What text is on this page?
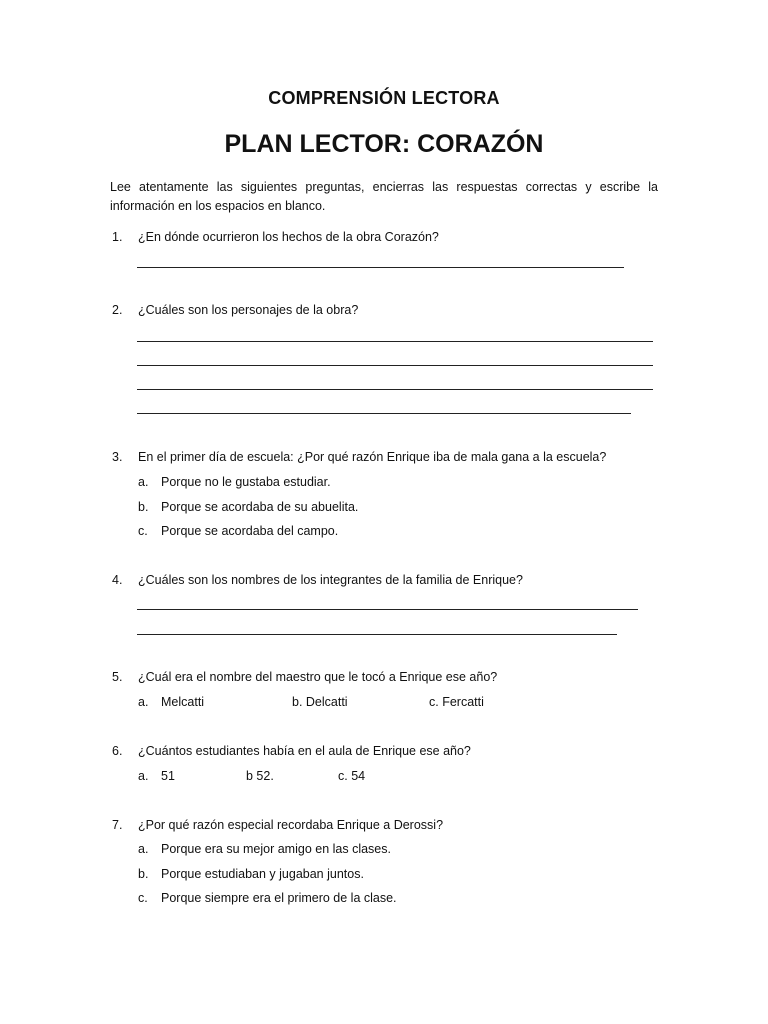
COMPRENSIÓN LECTORA
PLAN LECTOR: CORAZÓN
Lee atentamente las siguientes preguntas, encierras las respuestas correctas y escribe la información en los espacios en blanco.
1.	¿En dónde ocurrieron los hechos de la obra Corazón?
2.	¿Cuáles son los personajes de la obra?
3.	En el primer día de escuela: ¿Por qué razón Enrique iba de mala gana a la escuela?
a. Porque no le gustaba estudiar.
b. Porque se acordaba de su abuelita.
c. Porque se acordaba del campo.
4.	¿Cuáles son los nombres de los integrantes de la familia de Enrique?
5.	¿Cuál era el nombre del maestro que le tocó a Enrique ese año?
a. Melcatti	b. Delcatti	c. Fercatti
6.	¿Cuántos estudiantes había en el aula de Enrique ese año?
a. 51	b 52.	c. 54
7.	¿Por qué razón especial recordaba Enrique a Derossi?
a. Porque era su mejor amigo en las clases.
b. Porque estudiaban y jugaban juntos.
c. Porque siempre era el primero de la clase.
